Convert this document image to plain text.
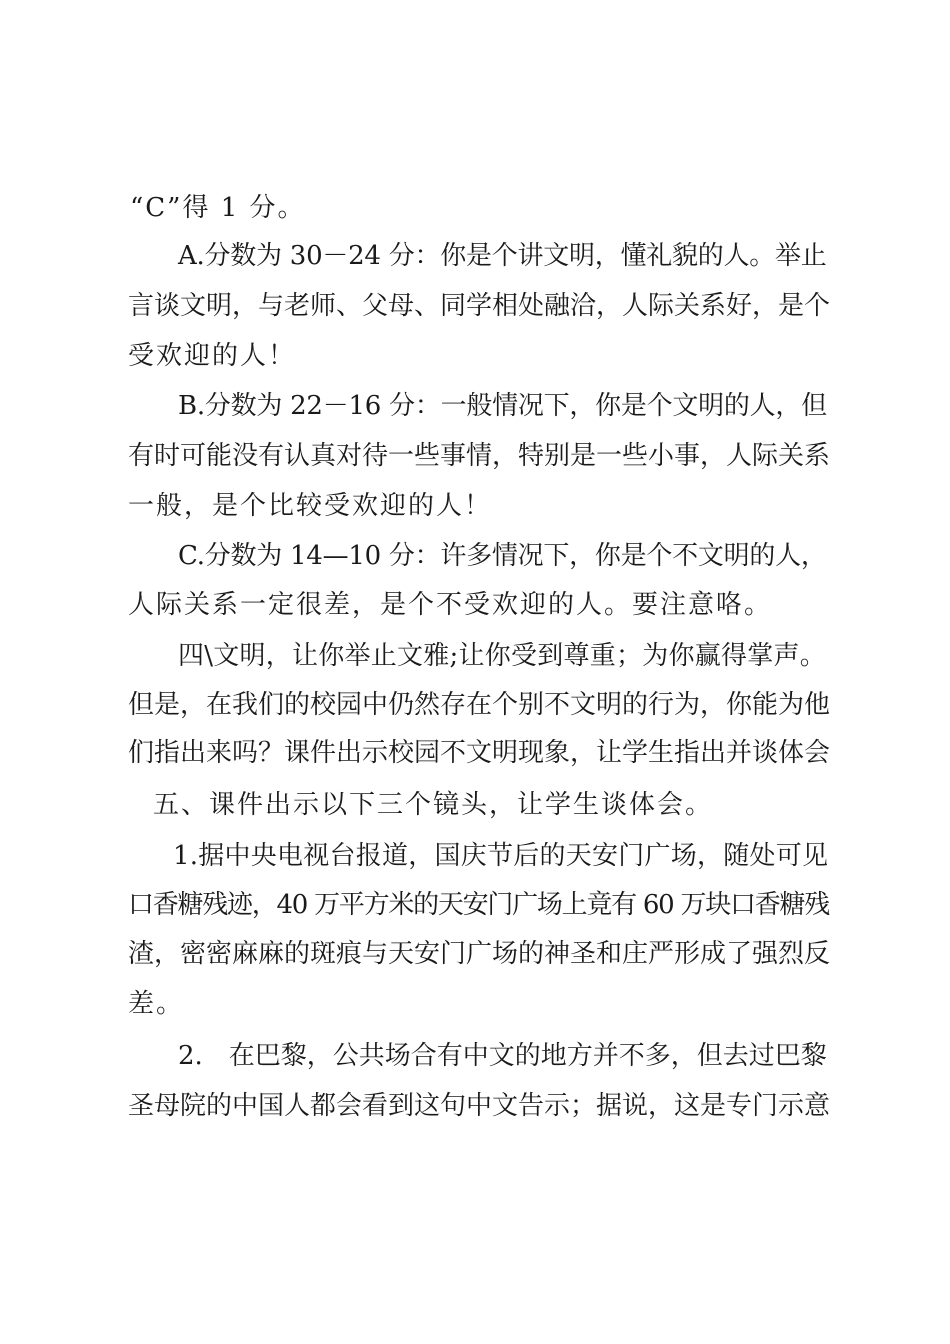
“C”得 1 分。
A.分数为 30－24 分：你是个讲文明，懂礼貌的人。举止
言谈文明，与老师、父母、同学相处融洽，人际关系好，是个
受欢迎的人！
B.分数为 22－16 分：一般情况下，你是个文明的人，但
有时可能没有认真对待一些事情，特别是一些小事，人际关系
一般，是个比较受欢迎的人！
C.分数为 14—10 分：许多情况下，你是个不文明的人，
人际关系一定很差，是个不受欢迎的人。要注意咯。
四\文明，让你举止文雅;让你受到尊重；为你赢得掌声。
但是，在我们的校园中仍然存在个别不文明的行为，你能为他
们指出来吗？课件出示校园不文明现象，让学生指出并谈体会
五、课件出示以下三个镜头，让学生谈体会。
1.据中央电视台报道，国庆节后的天安门广场，随处可见
口香糖残迹，40 万平方米的天安门广场上竟有 60 万块口香糖残
渣，密密麻麻的斑痕与天安门广场的神圣和庄严形成了强烈反
差。
2.　在巴黎，公共场合有中文的地方并不多，但去过巴黎
圣母院的中国人都会看到这句中文告示；据说，这是专门示意
